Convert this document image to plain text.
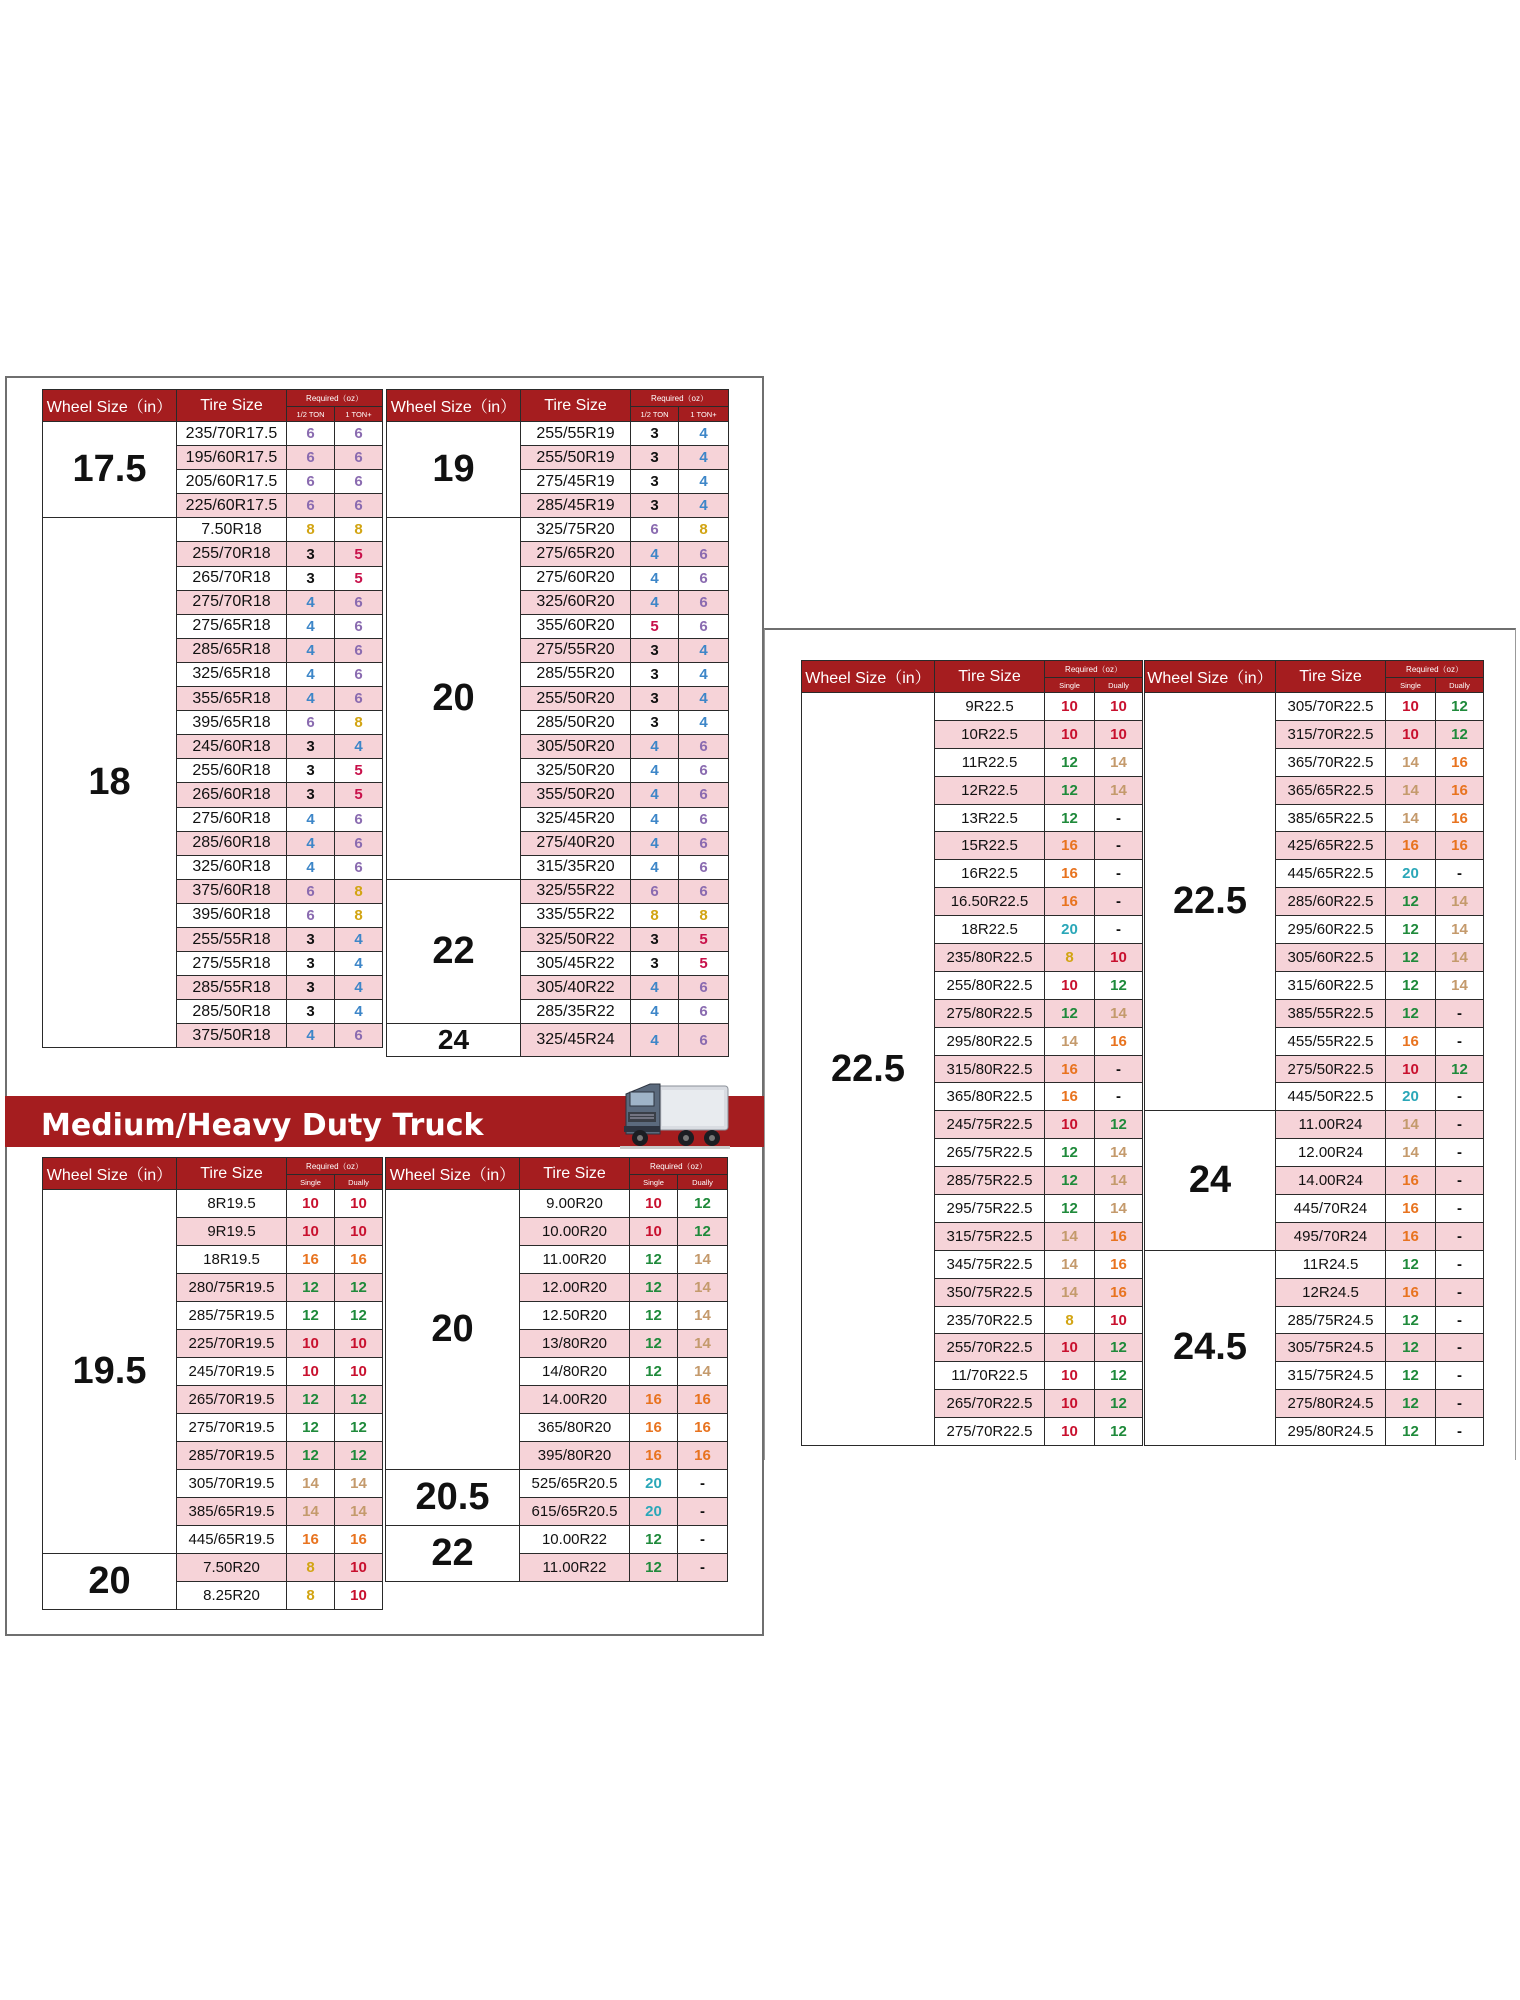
Wheel Size（in）	Tire Size	Required（oz）	
		1/2 TON	1 TON+
17.5	235/70R17.5	6	6
	195/60R17.5	6	6
	205/60R17.5	6	6
	225/60R17.5	6	6
18	7.50R18	8	8
	255/70R18	3	5
	265/70R18	3	5
	275/70R18	4	6
	275/65R18	4	6
	285/65R18	4	6
	325/65R18	4	6
	355/65R18	4	6
	395/65R18	6	8
	245/60R18	3	4
	255/60R18	3	5
	265/60R18	3	5
	275/60R18	4	6
	285/60R18	4	6
	325/60R18	4	6
	375/60R18	6	8
	395/60R18	6	8
	255/55R18	3	4
	275/55R18	3	4
	285/55R18	3	4
	285/50R18	3	4
	375/50R18	4	6
Wheel Size（in）	Tire Size	Required（oz）	
		1/2 TON	1 TON+
19	255/55R19	3	4
	255/50R19	3	4
	275/45R19	3	4
	285/45R19	3	4
20	325/75R20	6	8
	275/65R20	4	6
	275/60R20	4	6
	325/60R20	4	6
	355/60R20	5	6
	275/55R20	3	4
	285/55R20	3	4
	255/50R20	3	4
	285/50R20	3	4
	305/50R20	4	6
	325/50R20	4	6
	355/50R20	4	6
	325/45R20	4	6
	275/40R20	4	6
	315/35R20	4	6
22	325/55R22	6	6
	335/55R22	8	8
	325/50R22	3	5
	305/45R22	3	5
	305/40R22	4	6
	285/35R22	4	6
24	325/45R24	4	6
Medium/Heavy Duty Truck
Wheel Size（in）	Tire Size	Required（oz）	
		Single	Dually
19.5	8R19.5	10	10
	9R19.5	10	10
	18R19.5	16	16
	280/75R19.5	12	12
	285/75R19.5	12	12
	225/70R19.5	10	10
	245/70R19.5	10	10
	265/70R19.5	12	12
	275/70R19.5	12	12
	285/70R19.5	12	12
	305/70R19.5	14	14
	385/65R19.5	14	14
	445/65R19.5	16	16
20	7.50R20	8	10
	8.25R20	8	10
Wheel Size（in）	Tire Size	Required（oz）	
		Single	Dually
20	9.00R20	10	12
	10.00R20	10	12
	11.00R20	12	14
	12.00R20	12	14
	12.50R20	12	14
	13/80R20	12	14
	14/80R20	12	14
	14.00R20	16	16
	365/80R20	16	16
	395/80R20	16	16
20.5	525/65R20.5	20	-
	615/65R20.5	20	-
22	10.00R22	12	-
	11.00R22	12	-
Wheel Size（in）	Tire Size	Required（oz）	
		Single	Dually
22.5	9R22.5	10	10
	10R22.5	10	10
	11R22.5	12	14
	12R22.5	12	14
	13R22.5	12	-
	15R22.5	16	-
	16R22.5	16	-
	16.50R22.5	16	-
	18R22.5	20	-
	235/80R22.5	8	10
	255/80R22.5	10	12
	275/80R22.5	12	14
	295/80R22.5	14	16
	315/80R22.5	16	-
	365/80R22.5	16	-
	245/75R22.5	10	12
	265/75R22.5	12	14
	285/75R22.5	12	14
	295/75R22.5	12	14
	315/75R22.5	14	16
	345/75R22.5	14	16
	350/75R22.5	14	16
	235/70R22.5	8	10
	255/70R22.5	10	12
	11/70R22.5	10	12
	265/70R22.5	10	12
	275/70R22.5	10	12
Wheel Size（in）	Tire Size	Required（oz）	
		Single	Dually
22.5	305/70R22.5	10	12
	315/70R22.5	10	12
	365/70R22.5	14	16
	365/65R22.5	14	16
	385/65R22.5	14	16
	425/65R22.5	16	16
	445/65R22.5	20	-
	285/60R22.5	12	14
	295/60R22.5	12	14
	305/60R22.5	12	14
	315/60R22.5	12	14
	385/55R22.5	12	-
	455/55R22.5	16	-
	275/50R22.5	10	12
	445/50R22.5	20	-
24	11.00R24	14	-
	12.00R24	14	-
	14.00R24	16	-
	445/70R24	16	-
	495/70R24	16	-
24.5	11R24.5	12	-
	12R24.5	16	-
	285/75R24.5	12	-
	305/75R24.5	12	-
	315/75R24.5	12	-
	275/80R24.5	12	-
	295/80R24.5	12	-
